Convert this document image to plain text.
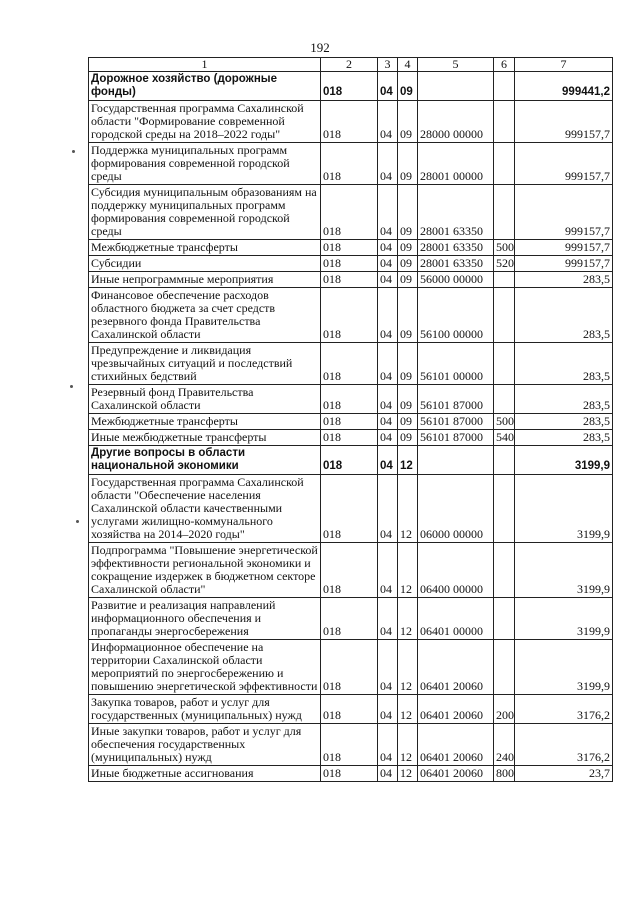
192
1	2	3	4	5	6	7
Дорожное хозяйство (дорожные фонды)	018	04	09			999441,2
Государственная программа Сахалинской области "Формирование современной городской среды на 2018–2022 годы"	018	04	09	28000 00000		999157,7
Поддержка муниципальных программ формирования современной городской среды	018	04	09	28001 00000		999157,7
Субсидия муниципальным образованиям на поддержку муниципальных программ формирования современной городской среды	018	04	09	28001 63350		999157,7
Межбюджетные трансферты	018	04	09	28001 63350	500	999157,7
Субсидии	018	04	09	28001 63350	520	999157,7
Иные непрограммные мероприятия	018	04	09	56000 00000		283,5
Финансовое обеспечение расходов областного бюджета за счет средств резервного фонда Правительства Сахалинской области	018	04	09	56100 00000		283,5
Предупреждение и ликвидация чрезвычайных ситуаций и последствий стихийных бедствий	018	04	09	56101 00000		283,5
Резервный фонд Правительства Сахалинской области	018	04	09	56101 87000		283,5
Межбюджетные трансферты	018	04	09	56101 87000	500	283,5
Иные межбюджетные трансферты	018	04	09	56101 87000	540	283,5
Другие вопросы в области национальной экономики	018	04	12			3199,9
Государственная программа Сахалинской области "Обеспечение населения Сахалинской области качественными услугами жилищно-коммунального хозяйства на 2014–2020 годы"	018	04	12	06000 00000		3199,9
Подпрограмма "Повышение энергетической эффективности региональной экономики и сокращение издержек в бюджетном секторе Сахалинской области"	018	04	12	06400 00000		3199,9
Развитие и реализация направлений информационного обеспечения и пропаганды энергосбережения	018	04	12	06401 00000		3199,9
Информационное обеспечение на территории Сахалинской области мероприятий по энергосбережению и повышению энергетической эффективности	018	04	12	06401 20060		3199,9
Закупка товаров, работ и услуг для государственных (муниципальных) нужд	018	04	12	06401 20060	200	3176,2
Иные закупки товаров, работ и услуг для обеспечения государственных (муниципальных) нужд	018	04	12	06401 20060	240	3176,2
Иные бюджетные ассигнования	018	04	12	06401 20060	800	23,7
